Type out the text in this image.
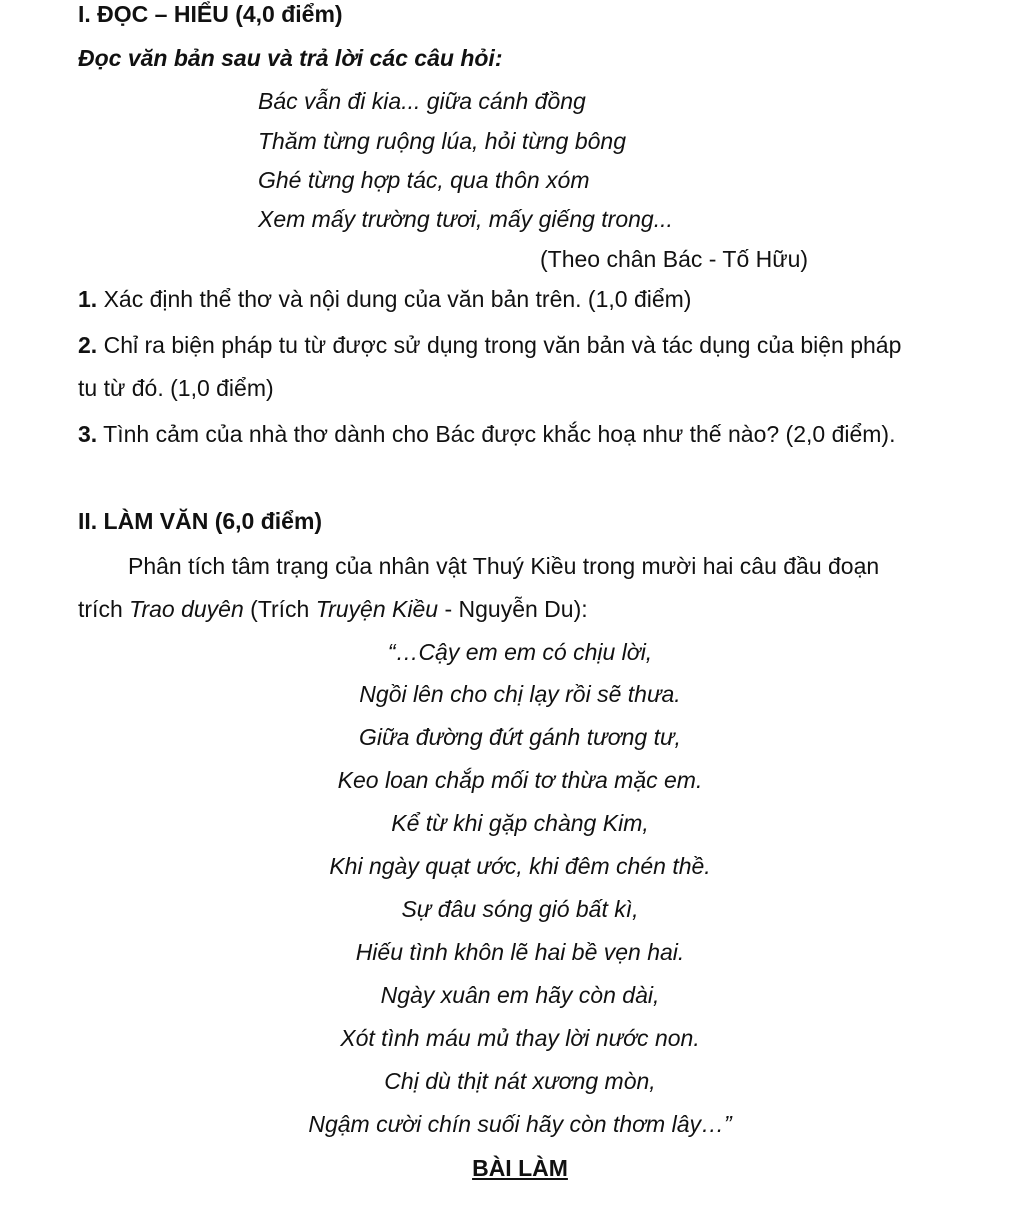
I. ĐỌC – HIỂU (4,0 điểm)

Đọc văn bản sau và trả lời các câu hỏi:

Bác vẫn đi kia... giữa cánh đồng

Thăm từng ruộng lúa, hỏi từng bông

Ghé từng hợp tác, qua thôn xóm

Xem mấy trường tươi, mấy giếng trong...

(Theo chân Bác - Tố Hữu)

1. Xác định thể thơ và nội dung của văn bản trên. (1,0 điểm)

2. Chỉ ra biện pháp tu từ được sử dụng trong văn bản và tác dụng của biện pháp

tu từ đó. (1,0 điểm)

3. Tình cảm của nhà thơ dành cho Bác được khắc hoạ như thế nào? (2,0 điểm).

II. LÀM VĂN (6,0 điểm)

Phân tích tâm trạng của nhân vật Thuý Kiều trong mười hai câu đầu đoạn

trích Trao duyên (Trích Truyện Kiều - Nguyễn Du):

“…Cậy em em có chịu lời,

Ngồi lên cho chị lạy rồi sẽ thưa.

Giữa đường đứt gánh tương tư,

Keo loan chắp mối tơ thừa mặc em.

Kể từ khi gặp chàng Kim,

Khi ngày quạt ước, khi đêm chén thề.

Sự đâu sóng gió bất kì,

Hiếu tình khôn lẽ hai bề vẹn hai.

Ngày xuân em hãy còn dài,

Xót tình máu mủ thay lời nước non.

Chị dù thịt nát xương mòn,

Ngậm cười chín suối hãy còn thơm lây…”

BÀI LÀM
